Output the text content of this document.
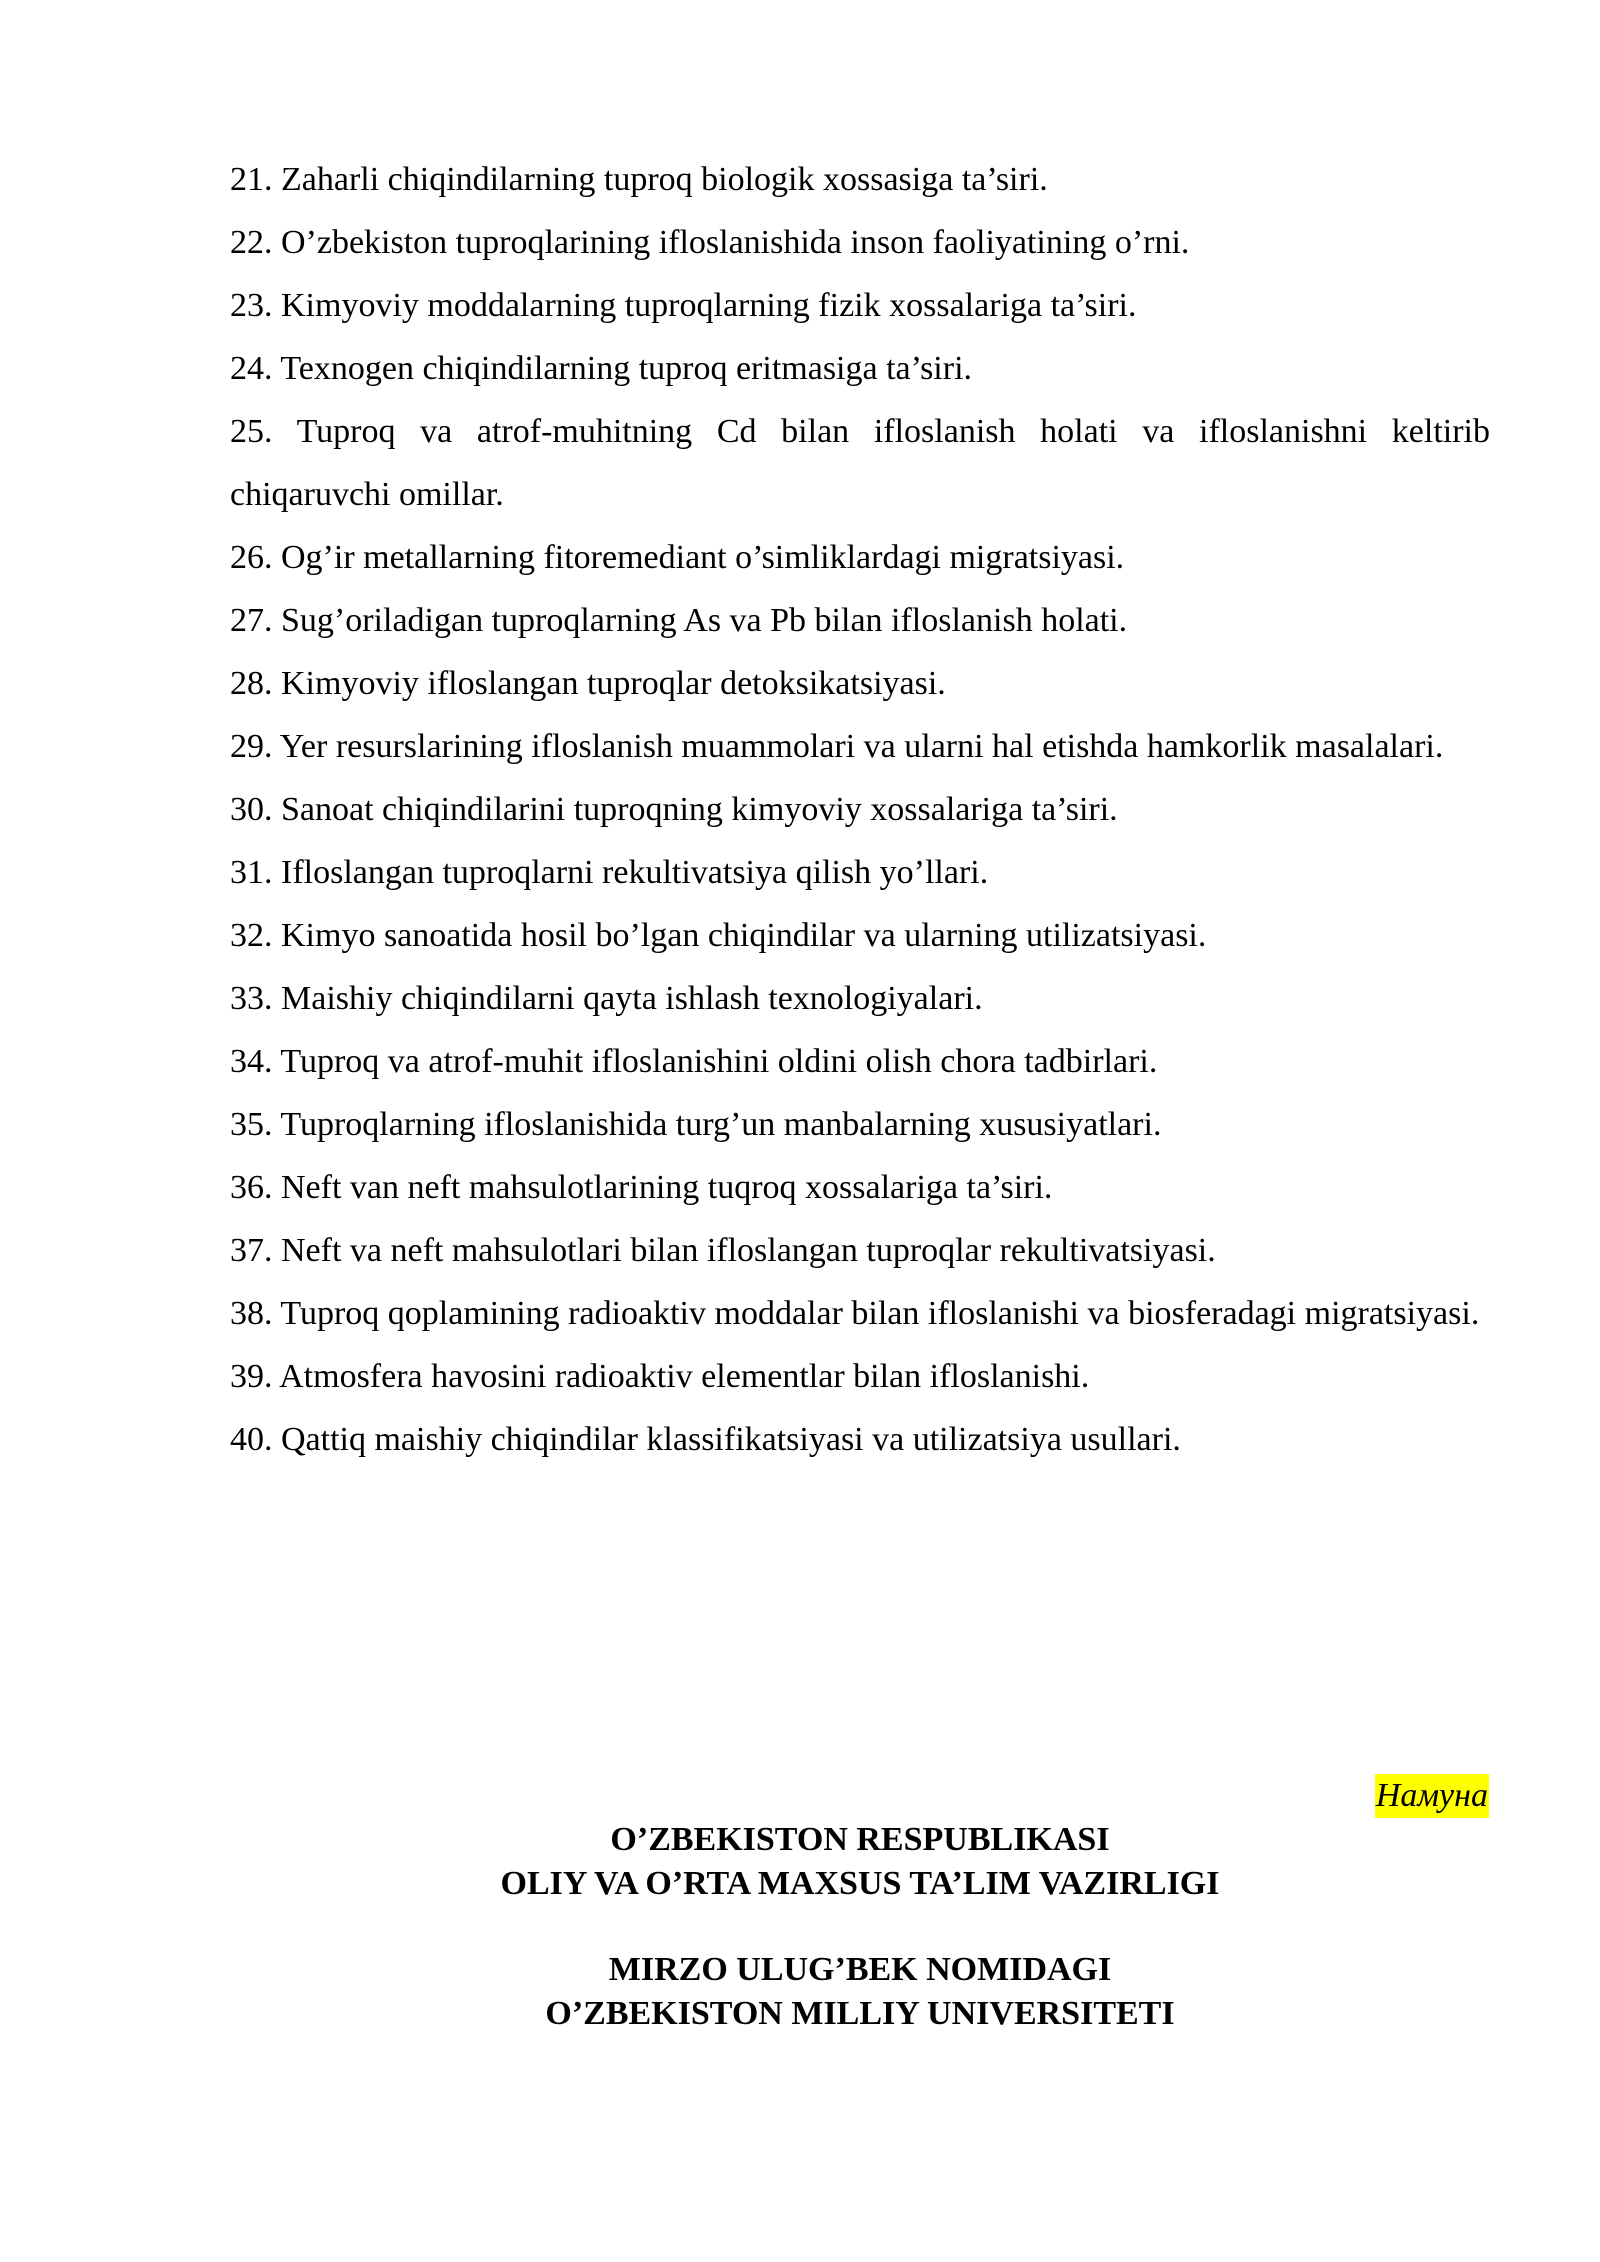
21.Zaharli chiqindilarning tuproq biologik xossasiga ta’siri.
22. O’zbekiston tuproqlarining ifloslanishida inson faoliyatining o’rni.
23. Kimyoviy moddalarning tuproqlarning fizik xossalariga ta’siri.
24. Texnogen chiqindilarning tuproq eritmasiga ta’siri.
25. Tuproq va atrof-muhitning Cd bilan ifloslanish holati va ifloslanishni keltirib chiqaruvchi omillar.
26. Og’ir metallarning fitoremediant o’simliklardagi migratsiyasi.
27. Sug’oriladigan tuproqlarning As va Pb bilan ifloslanish holati.
28. Kimyoviy ifloslangan tuproqlar detoksikatsiyasi.
29. Yer resurslarining ifloslanish muammolari va ularni hal etishda hamkorlik masalalari.
30. Sanoat chiqindilarini tuproqning kimyoviy xossalariga ta’siri.
31. Ifloslangan tuproqlarni rekultivatsiya qilish yo’llari.
32. Kimyo sanoatida hosil bo’lgan chiqindilar va ularning utilizatsiyasi.
33. Maishiy chiqindilarni qayta ishlash texnologiyalari.
34. Tuproq va atrof-muhit ifloslanishini oldini olish chora tadbirlari.
35. Tuproqlarning ifloslanishida turg’un manbalarning xususiyatlari.
36. Neft van neft mahsulotlarining tuqroq xossalariga ta’siri.
37. Neft va neft mahsulotlari bilan ifloslangan tuproqlar rekultivatsiyasi.
38. Tuproq qoplamining radioaktiv moddalar bilan ifloslanishi va biosferadagi migratsiyasi.
39. Atmosfera havosini radioaktiv elementlar bilan ifloslanishi.
40. Qattiq maishiy chiqindilar klassifikatsiyasi va utilizatsiya usullari.
Намуна
O’ZBEKISTON RESPUBLIKASI
OLIY VA O’RTA MAXSUS TA’LIM VAZIRLIGI
MIRZO ULUG’BEK NOMIDAGI
O’ZBEKISTON MILLIY UNIVERSITETI
